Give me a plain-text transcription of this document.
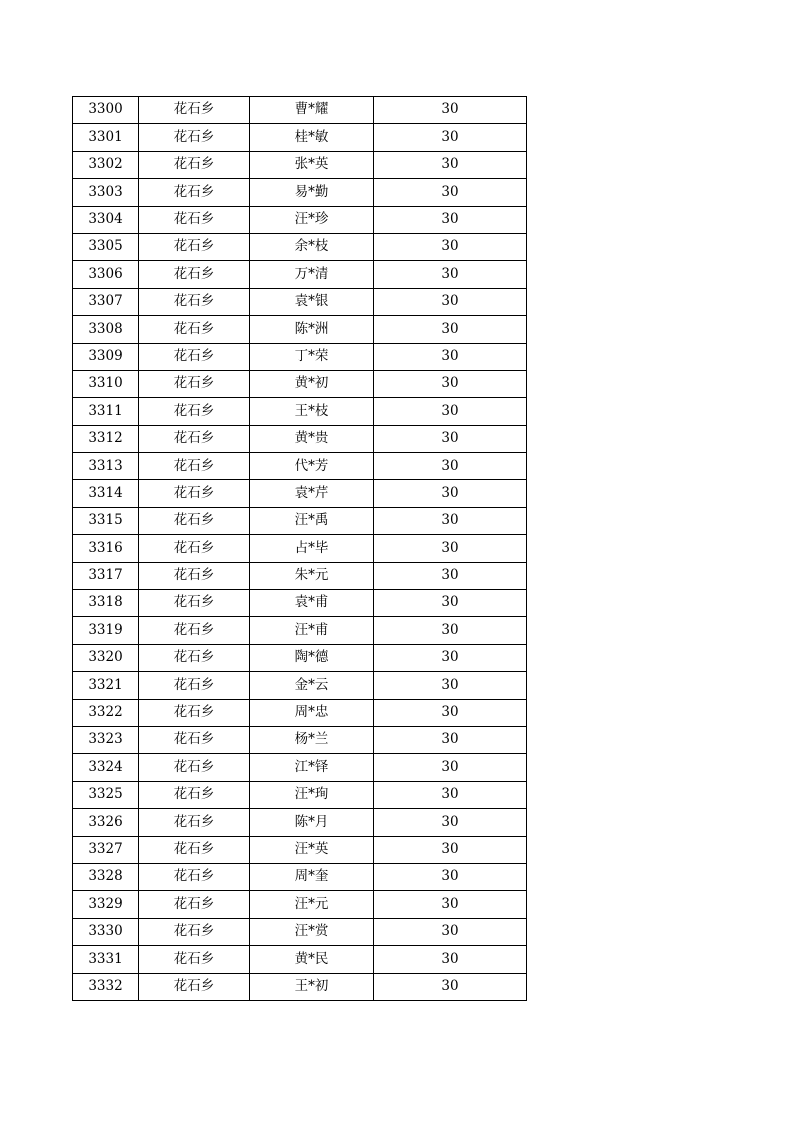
3300	花石乡	曹*耀	30
3301	花石乡	桂*敏	30
3302	花石乡	张*英	30
3303	花石乡	易*勤	30
3304	花石乡	汪*珍	30
3305	花石乡	余*枝	30
3306	花石乡	万*清	30
3307	花石乡	袁*银	30
3308	花石乡	陈*洲	30
3309	花石乡	丁*荣	30
3310	花石乡	黄*初	30
3311	花石乡	王*枝	30
3312	花石乡	黄*贵	30
3313	花石乡	代*芳	30
3314	花石乡	袁*芹	30
3315	花石乡	汪*禹	30
3316	花石乡	占*毕	30
3317	花石乡	朱*元	30
3318	花石乡	袁*甫	30
3319	花石乡	汪*甫	30
3320	花石乡	陶*德	30
3321	花石乡	金*云	30
3322	花石乡	周*忠	30
3323	花石乡	杨*兰	30
3324	花石乡	江*铎	30
3325	花石乡	汪*珣	30
3326	花石乡	陈*月	30
3327	花石乡	汪*英	30
3328	花石乡	周*奎	30
3329	花石乡	汪*元	30
3330	花石乡	汪*赏	30
3331	花石乡	黄*民	30
3332	花石乡	王*初	30
